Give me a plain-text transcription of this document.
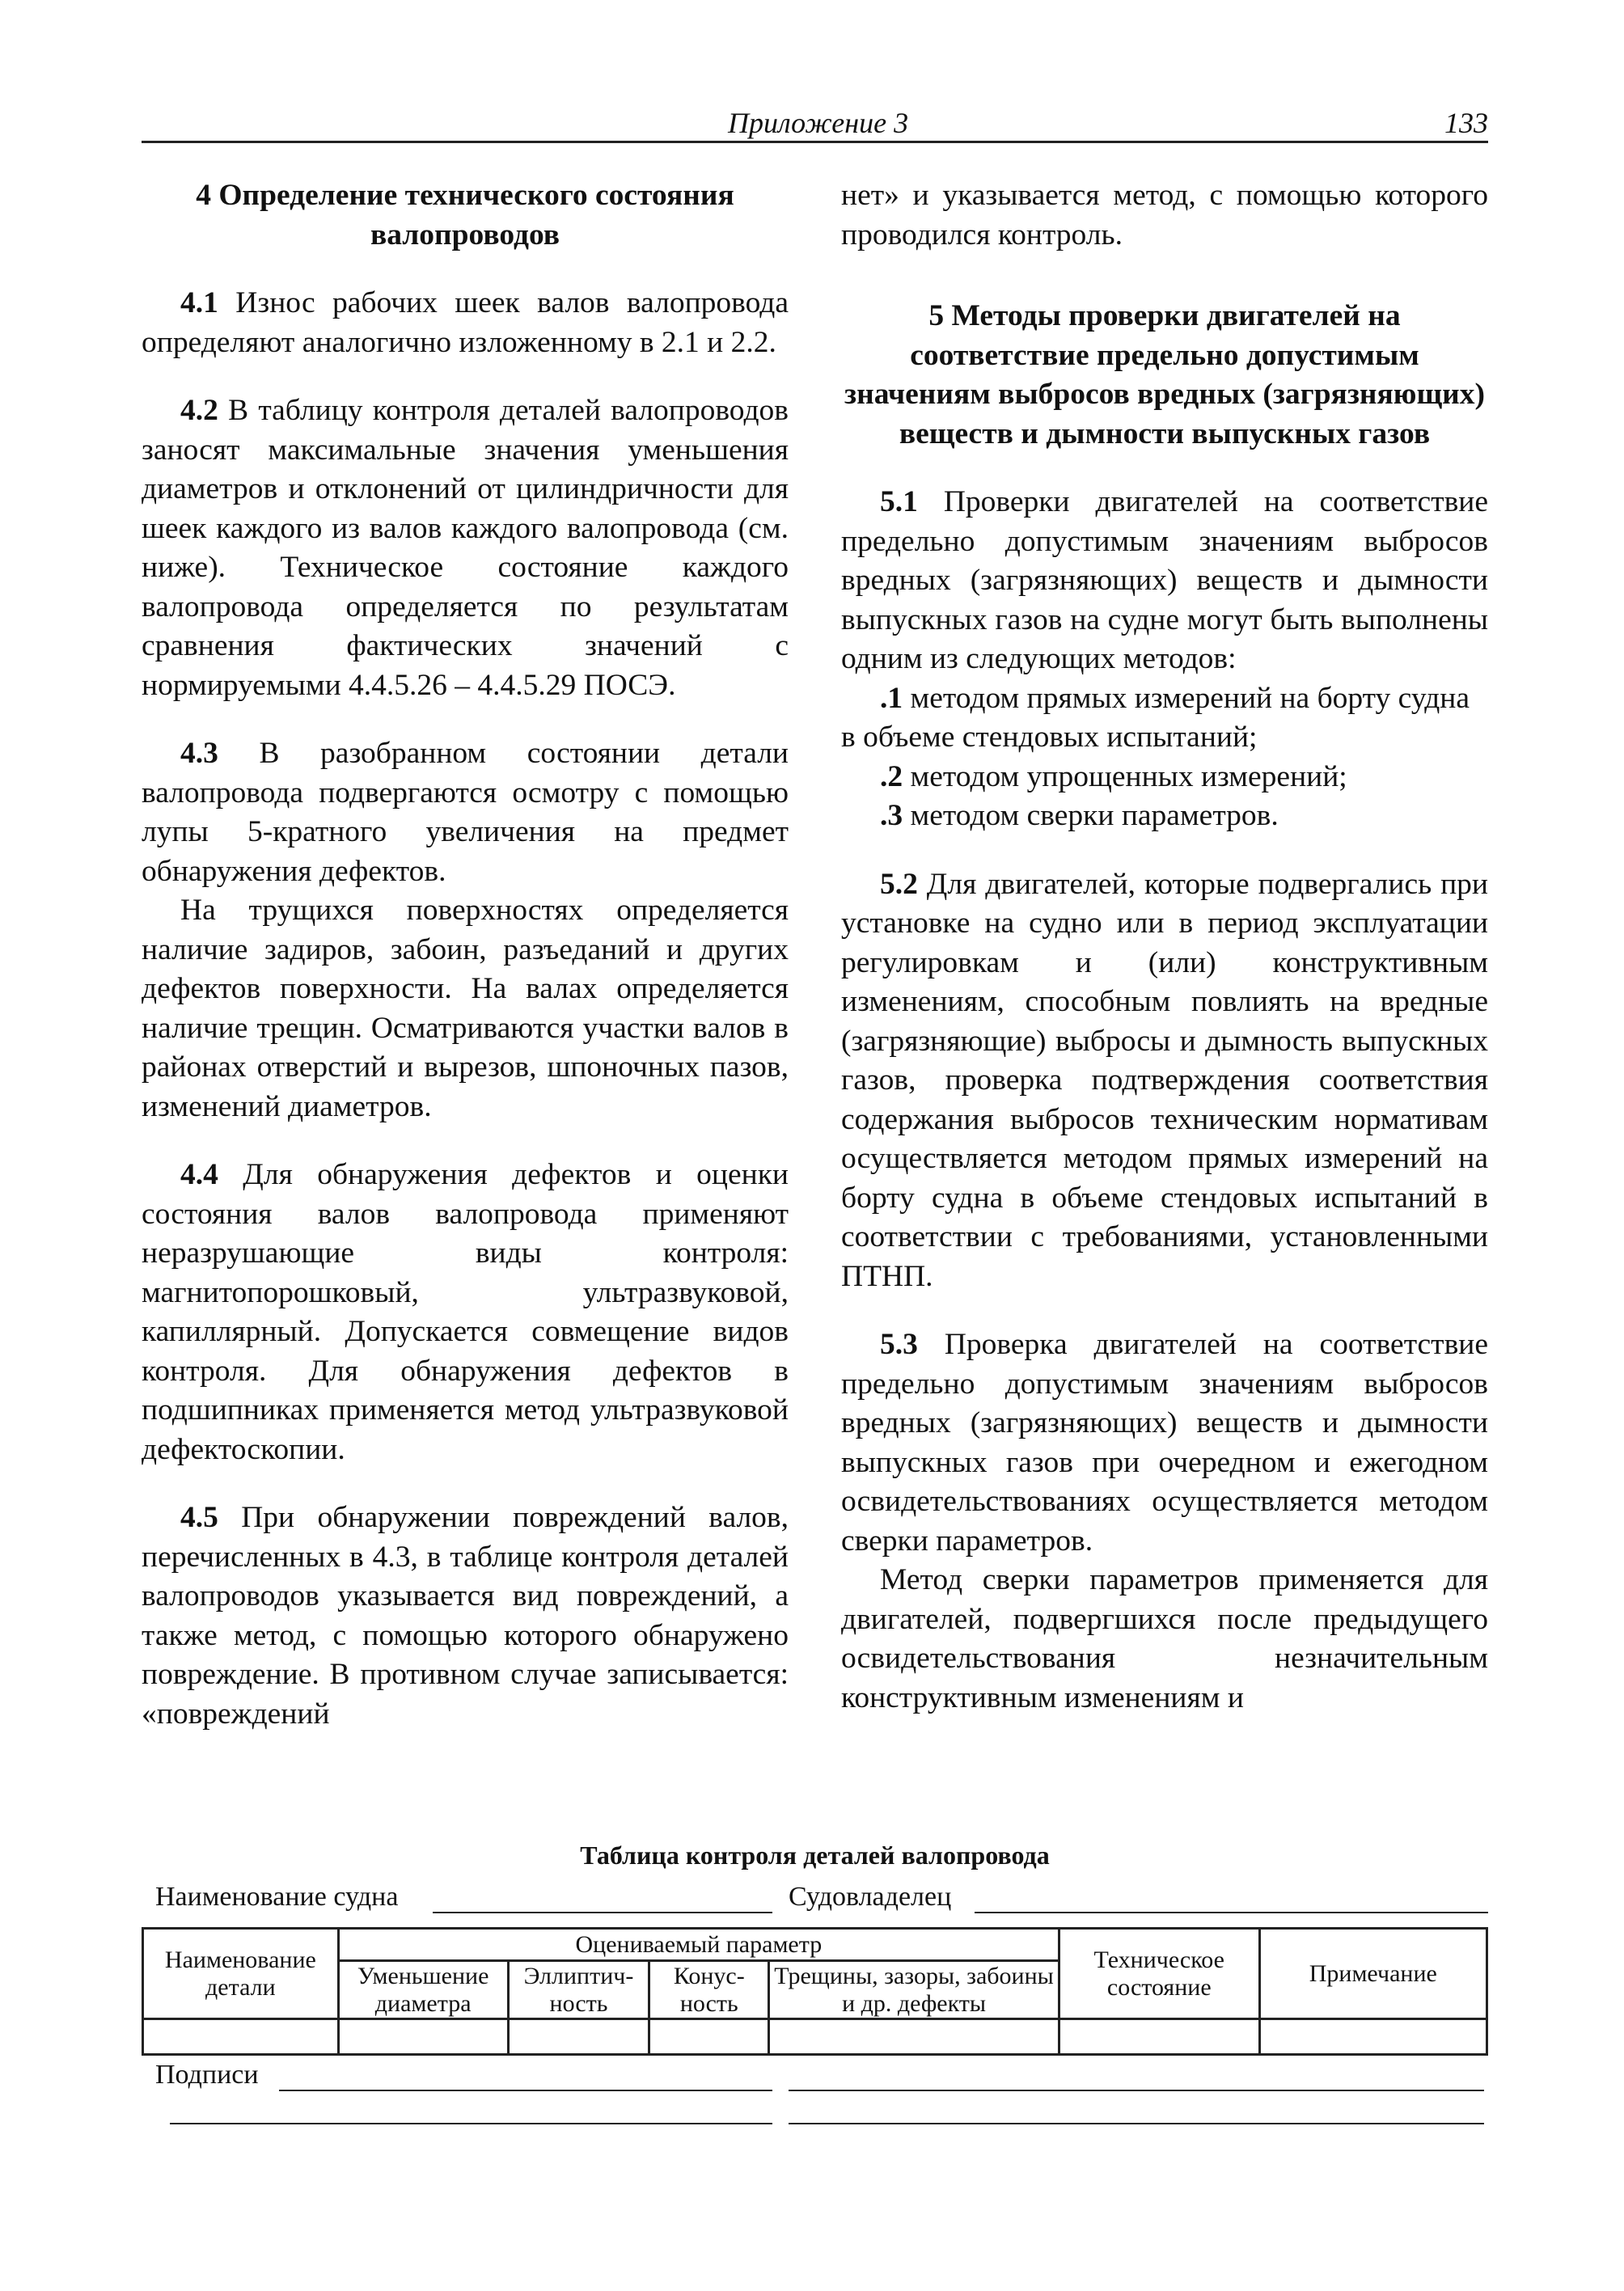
Приложение 3	133

4 Определение технического состояния валопроводов

4.1 Износ рабочих шеек валов валопровода определяют аналогично изложенному в 2.1 и 2.2.

4.2 В таблицу контроля деталей валопроводов заносят максимальные значения уменьшения диаметров и отклонений от цилиндричности для шеек каждого из валов каждого валопровода (см. ниже). Техническое состояние каждого валопровода определяется по результатам сравнения фактических значений с нормируемыми 4.4.5.26 – 4.4.5.29 ПОСЭ.

4.3 В разобранном состоянии детали валопровода подвергаются осмотру с помощью лупы 5-кратного увеличения на предмет обнаружения дефектов.

На трущихся поверхностях определяется наличие задиров, забоин, разъеданий и других дефектов поверхности. На валах определяется наличие трещин. Осматриваются участки валов в районах отверстий и вырезов, шпоночных пазов, изменений диаметров.

4.4 Для обнаружения дефектов и оценки состояния валов валопровода применяют неразрушающие виды контроля: магнитопорошковый, ультразвуковой, капиллярный. Допускается совмещение видов контроля. Для обнаружения дефектов в подшипниках применяется метод ультразвуковой дефектоскопии.

4.5 При обнаружении повреждений валов, перечисленных в 4.3, в таблице контроля деталей валопроводов указывается вид повреждений, а также метод, с помощью которого обнаружено повреждение. В противном случае записывается: «повреждений

нет» и указывается метод, с помощью которого проводился контроль.

5 Методы проверки двигателей на соответствие предельно допустимым значениям выбросов вредных (загрязняющих) веществ и дымности выпускных газов

5.1 Проверки двигателей на соответствие предельно допустимым значениям выбросов вредных (загрязняющих) веществ и дымности выпускных газов на судне могут быть выполнены одним из следующих методов:

.1 методом прямых измерений на борту судна в объеме стендовых испытаний;
.2 методом упрощенных измерений;
.3 методом сверки параметров.

5.2 Для двигателей, которые подвергались при установке на судно или в период эксплуатации регулировкам и (или) конструктивным изменениям, способным повлиять на вредные (загрязняющие) выбросы и дымность выпускных газов, проверка подтверждения соответствия содержания выбросов техническим нормативам осуществляется методом прямых измерений на борту судна в объеме стендовых испытаний в соответствии с требованиями, установленными ПТНП.

5.3 Проверка двигателей на соответствие предельно допустимым значениям выбросов вредных (загрязняющих) веществ и дымности выпускных газов при очередном и ежегодном освидетельствованиях осуществляется методом сверки параметров.

Метод сверки параметров применяется для двигателей, подвергшихся после предыдущего освидетельствования незначительным конструктивным изменениям и

Таблица контроля деталей валопровода
Наименование судна	Судовладелец
Наименование детали	Оцениваемый параметр				Техническое состояние	Примечание
	Уменьшение диаметра	Эллиптич-ность	Конус-ность	Трещины, зазоры, забоины и др. дефекты		

Подписи
